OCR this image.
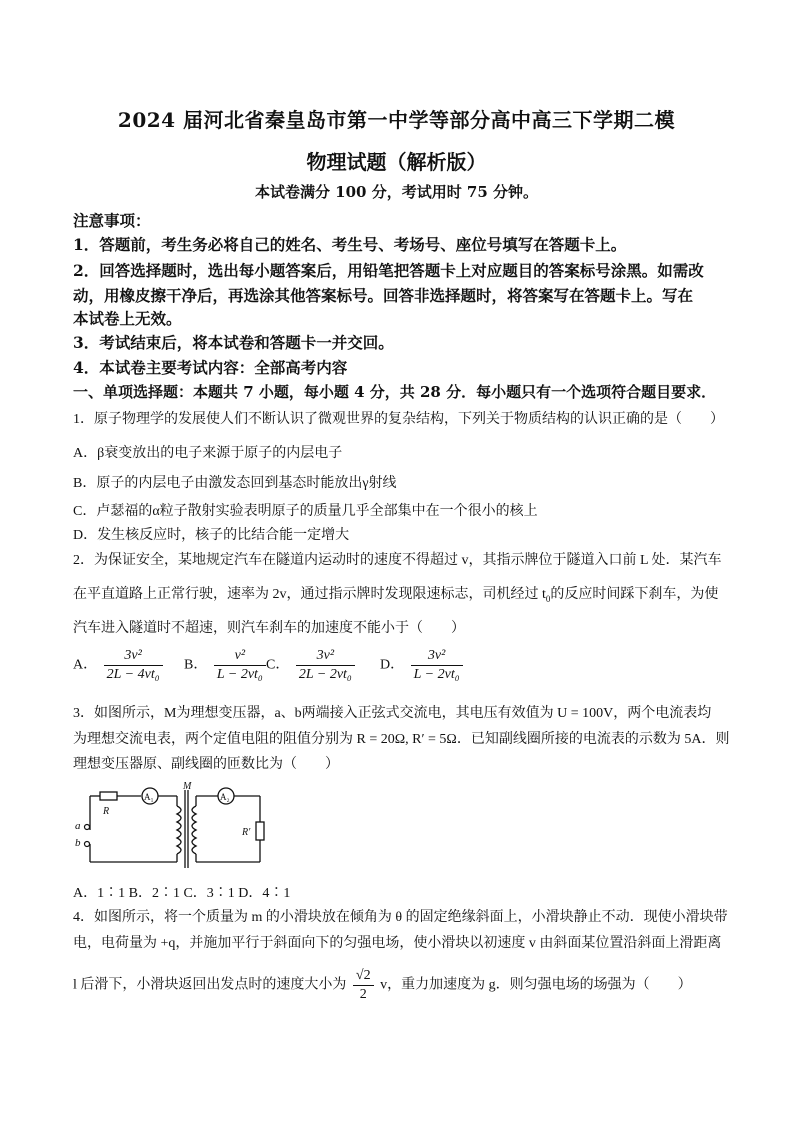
2024 届河北省秦皇岛市第一中学等部分高中高三下学期二模
物理试题（解析版）
本试卷满分 100 分，考试用时 75 分钟。
注意事项：
1．答题前，考生务必将自己的姓名、考生号、考场号、座位号填写在答题卡上。
2．回答选择题时，选出每小题答案后，用铅笔把答题卡上对应题目的答案标号涂黑。如需改
动，用橡皮擦干净后，再选涂其他答案标号。回答非选择题时，将答案写在答题卡上。写在
本试卷上无效。
3．考试结束后，将本试卷和答题卡一并交回。
4．本试卷主要考试内容：全部高考内容
一、单项选择题：本题共 7 小题，每小题 4 分，共 28 分．每小题只有一个选项符合题目要求．
1．原子物理学的发展使人们不断认识了微观世界的复杂结构，下列关于物质结构的认识正确的是（　　）
A．β衰变放出的电子来源于原子的内层电子
B．原子的内层电子由激发态回到基态时能放出γ射线
C．卢瑟福的α粒子散射实验表明原子的质量几乎全部集中在一个很小的核上
D．发生核反应时，核子的比结合能一定增大
2．为保证安全，某地规定汽车在隧道内运动时的速度不得超过 v，其指示牌位于隧道入口前 L 处．某汽车
在平直道路上正常行驶，速率为 2v，通过指示牌时发现限速标志，司机经过 $t_0$的反应时间踩下刹车，为使
汽车进入隧道时不超速，则汽车刹车的加速度不能小于（　　）
A． $\frac{\text{3v²}}{\text{2L − 4vt₀}}$ B． $\frac{\text{v²}}{\text{L − 2vt₀}}$ C． $\frac{\text{3v²}}{\text{2L − 2vt₀}}$ D． $\frac{\text{3v²}}{\text{L − 2vt₀}}$
3．如图所示，M为理想变压器，a、b两端接入正弦式交流电，其电压有效值为 U = 100V，两个电流表均
为理想交流电表，两个定值电阻的阻值分别为 R = 20Ω, R′ = 5Ω．已知副线圈所接的电流表的示数为 5A．则
理想变压器原、副线圈的匝数比为（　　）
a
b
R
A₁	A₂
M
R′
A．1∶1 B．2∶1 C．3∶1 D．4∶1
4．如图所示，将一个质量为 m 的小滑块放在倾角为 θ 的固定绝缘斜面上，小滑块静止不动．现使小滑块带
电，电荷量为 +q，并施加平行于斜面向下的匀强电场，使小滑块以初速度 v 由斜面某位置沿斜面上滑距离
l 后滑下，小滑块返回出发点时的速度大小为 $\frac{√2}{2}$ v，重力加速度为 g．则匀强电场的场强为（　　）
